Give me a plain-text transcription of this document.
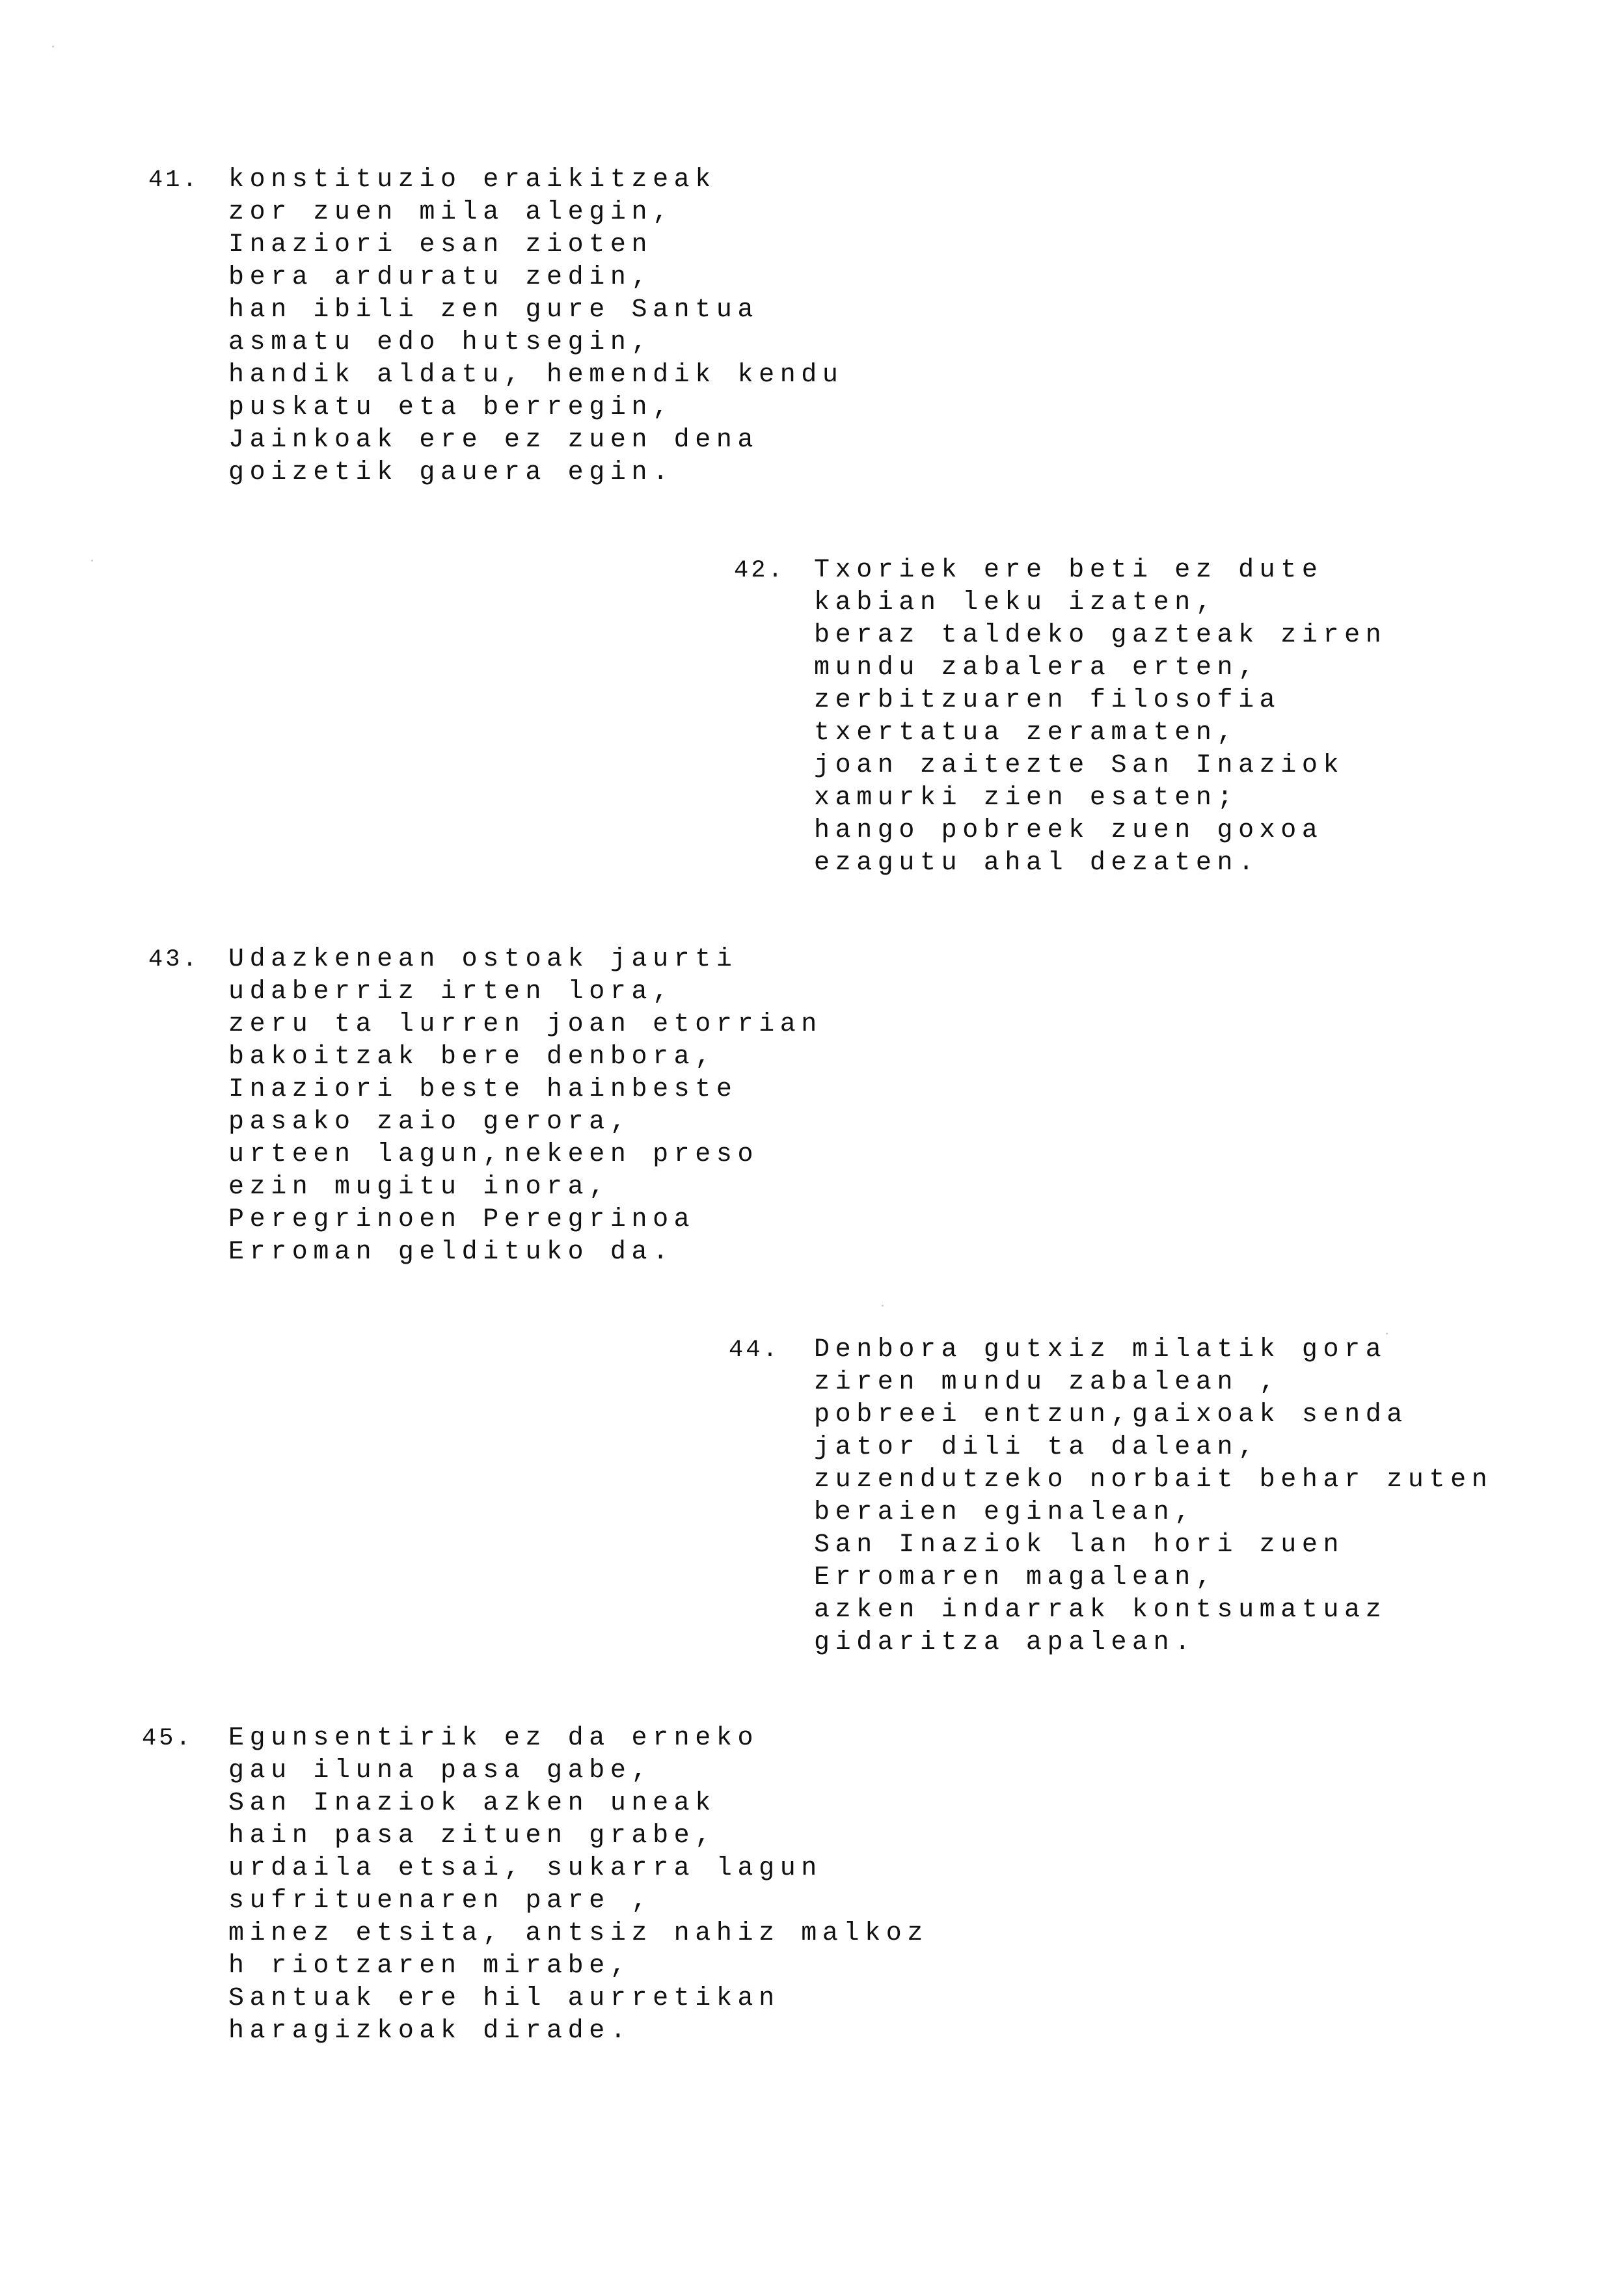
41. konstituzio eraikitzeak
zor zuen mila alegin,
Inaziori esan zioten
bera arduratu zedin,
han ibili zen gure Santua
asmatu edo hutsegin,
handik aldatu, hemendik kendu
puskatu eta berregin,
Jainkoak ere ez zuen dena
goizetik gauera egin.
42. Txoriek ere beti ez dute
kabian leku izaten,
beraz taldeko gazteak ziren
mundu zabalera erten,
zerbitzuaren filosofia
txertatua zeramaten,
joan zaitezte San Inaziok
xamurki zien esaten;
hango pobreek zuen goxoa
ezagutu ahal dezaten.
43. Udazkenean ostoak jaurti
udaberriz irten lora,
zeru ta lurren joan etorrian
bakoitzak bere denbora,
Inaziori beste hainbeste
pasako zaio gerora,
urteen lagun,nekeen preso
ezin mugitu inora,
Peregrinoen Peregrinoa
Erroman geldituko da.
44. Denbora gutxiz milatik gora
ziren mundu zabalean ,
pobreei entzun,gaixoak senda
jator dili ta dalean,
zuzendutzeko norbait behar zuten
beraien eginalean,
San Inaziok lan hori zuen
Erromaren magalean,
azken indarrak kontsumatuaz
gidaritza apalean.
45. Egunsentirik ez da erneko
gau iluna pasa gabe,
San Inaziok azken uneak
hain pasa zituen grabe,
urdaila etsai, sukarra lagun
sufrituenaren pare ,
minez etsita, antsiz nahiz malkoz
h riotzaren mirabe,
Santuak ere hil aurretikan
haragizkoak dirade.
